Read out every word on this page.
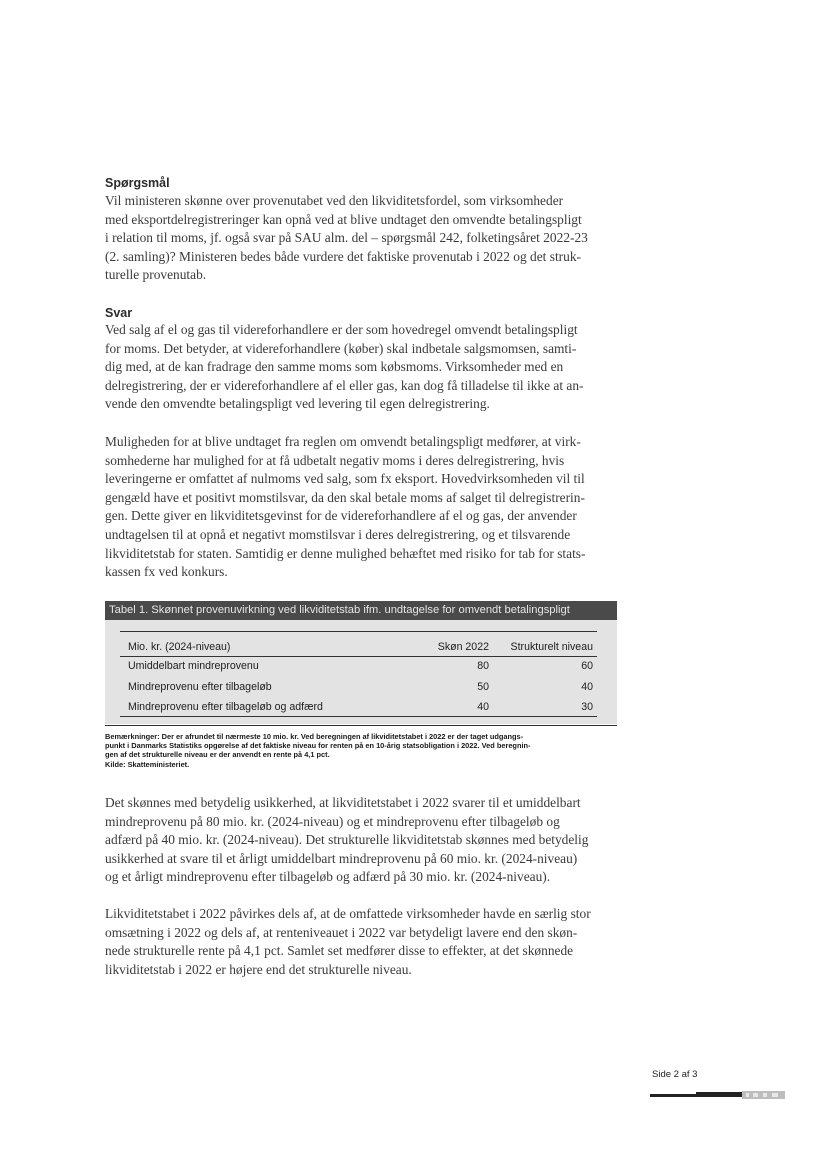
Spørgsmål

Vil ministeren skønne over provenutabet ved den likviditetsfordel, som virksomheder
med eksportdelregistreringer kan opnå ved at blive undtaget den omvendte betalingspligt
i relation til moms, jf. også svar på SAU alm. del – spørgsmål 242, folketingsåret 2022-23
(2. samling)? Ministeren bedes både vurdere det faktiske provenutab i 2022 og det struk-
turelle provenutab.

Svar

Ved salg af el og gas til videreforhandlere er der som hovedregel omvendt betalingspligt
for moms. Det betyder, at videreforhandlere (køber) skal indbetale salgsmomsen, samti-
dig med, at de kan fradrage den samme moms som købsmoms. Virksomheder med en
delregistrering, der er videreforhandlere af el eller gas, kan dog få tilladelse til ikke at an-
vende den omvendte betalingspligt ved levering til egen delregistrering.

Muligheden for at blive undtaget fra reglen om omvendt betalingspligt medfører, at virk-
somhederne har mulighed for at få udbetalt negativ moms i deres delregistrering, hvis
leveringerne er omfattet af nulmoms ved salg, som fx eksport. Hovedvirksomheden vil til
gengæld have et positivt momstilsvar, da den skal betale moms af salget til delregistrerin-
gen. Dette giver en likviditetsgevinst for de videreforhandlere af el og gas, der anvender
undtagelsen til at opnå et negativt momstilsvar i deres delregistrering, og et tilsvarende
likviditetstab for staten. Samtidig er denne mulighed behæftet med risiko for tab for stats-
kassen fx ved konkurs.

Tabel 1. Skønnet provenuvirkning ved likviditetstab ifm. undtagelse for omvendt betalingspligt
Mio. kr. (2024-niveau)	Skøn 2022	Strukturelt niveau
Umiddelbart mindreprovenu	80	60
Mindreprovenu efter tilbageløb	50	40
Mindreprovenu efter tilbageløb og adfærd	40	30

Bemærkninger: Der er afrundet til nærmeste 10 mio. kr. Ved beregningen af likviditetstabet i 2022 er der taget udgangs-
punkt i Danmarks Statistiks opgørelse af det faktiske niveau for renten på en 10-årig statsobligation i 2022. Ved beregnin-
gen af det strukturelle niveau er der anvendt en rente på 4,1 pct.
Kilde: Skatteministeriet.

Det skønnes med betydelig usikkerhed, at likviditetstabet i 2022 svarer til et umiddelbart
mindreprovenu på 80 mio. kr. (2024-niveau) og et mindreprovenu efter tilbageløb og
adfærd på 40 mio. kr. (2024-niveau). Det strukturelle likviditetstab skønnes med betydelig
usikkerhed at svare til et årligt umiddelbart mindreprovenu på 60 mio. kr. (2024-niveau)
og et årligt mindreprovenu efter tilbageløb og adfærd på 30 mio. kr. (2024-niveau).

Likviditetstabet i 2022 påvirkes dels af, at de omfattede virksomheder havde en særlig stor
omsætning i 2022 og dels af, at renteniveauet i 2022 var betydeligt lavere end den skøn-
nede strukturelle rente på 4,1 pct. Samlet set medfører disse to effekter, at det skønnede
likviditetstab i 2022 er højere end det strukturelle niveau.

Side 2 af 3
